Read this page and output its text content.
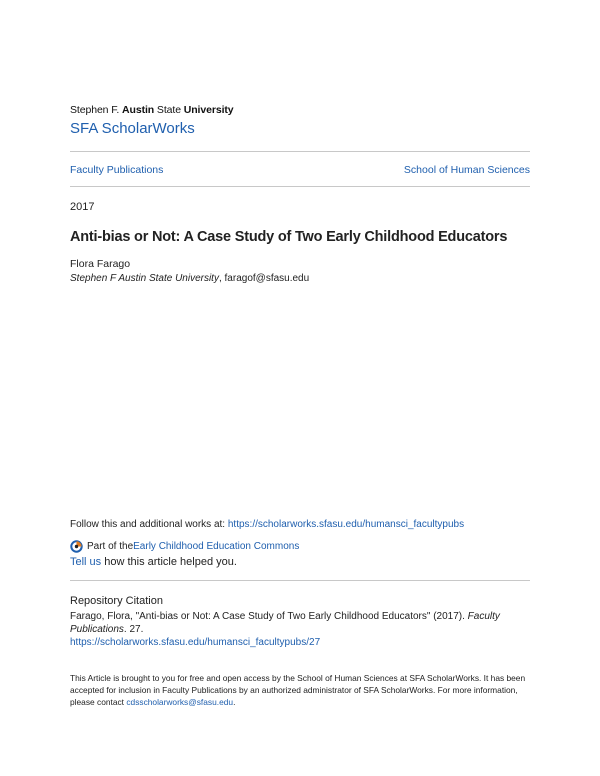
Stephen F. Austin State University
SFA ScholarWorks
Faculty Publications	School of Human Sciences
2017
Anti-bias or Not: A Case Study of Two Early Childhood Educators
Flora Farago
Stephen F Austin State University, faragof@sfasu.edu
Follow this and additional works at: https://scholarworks.sfasu.edu/humansci_facultypubs
Part of the Early Childhood Education Commons
Tell us how this article helped you.
Repository Citation
Farago, Flora, "Anti-bias or Not: A Case Study of Two Early Childhood Educators" (2017). Faculty Publications. 27.
https://scholarworks.sfasu.edu/humansci_facultypubs/27
This Article is brought to you for free and open access by the School of Human Sciences at SFA ScholarWorks. It has been accepted for inclusion in Faculty Publications by an authorized administrator of SFA ScholarWorks. For more information, please contact cdsscholarworks@sfasu.edu.
